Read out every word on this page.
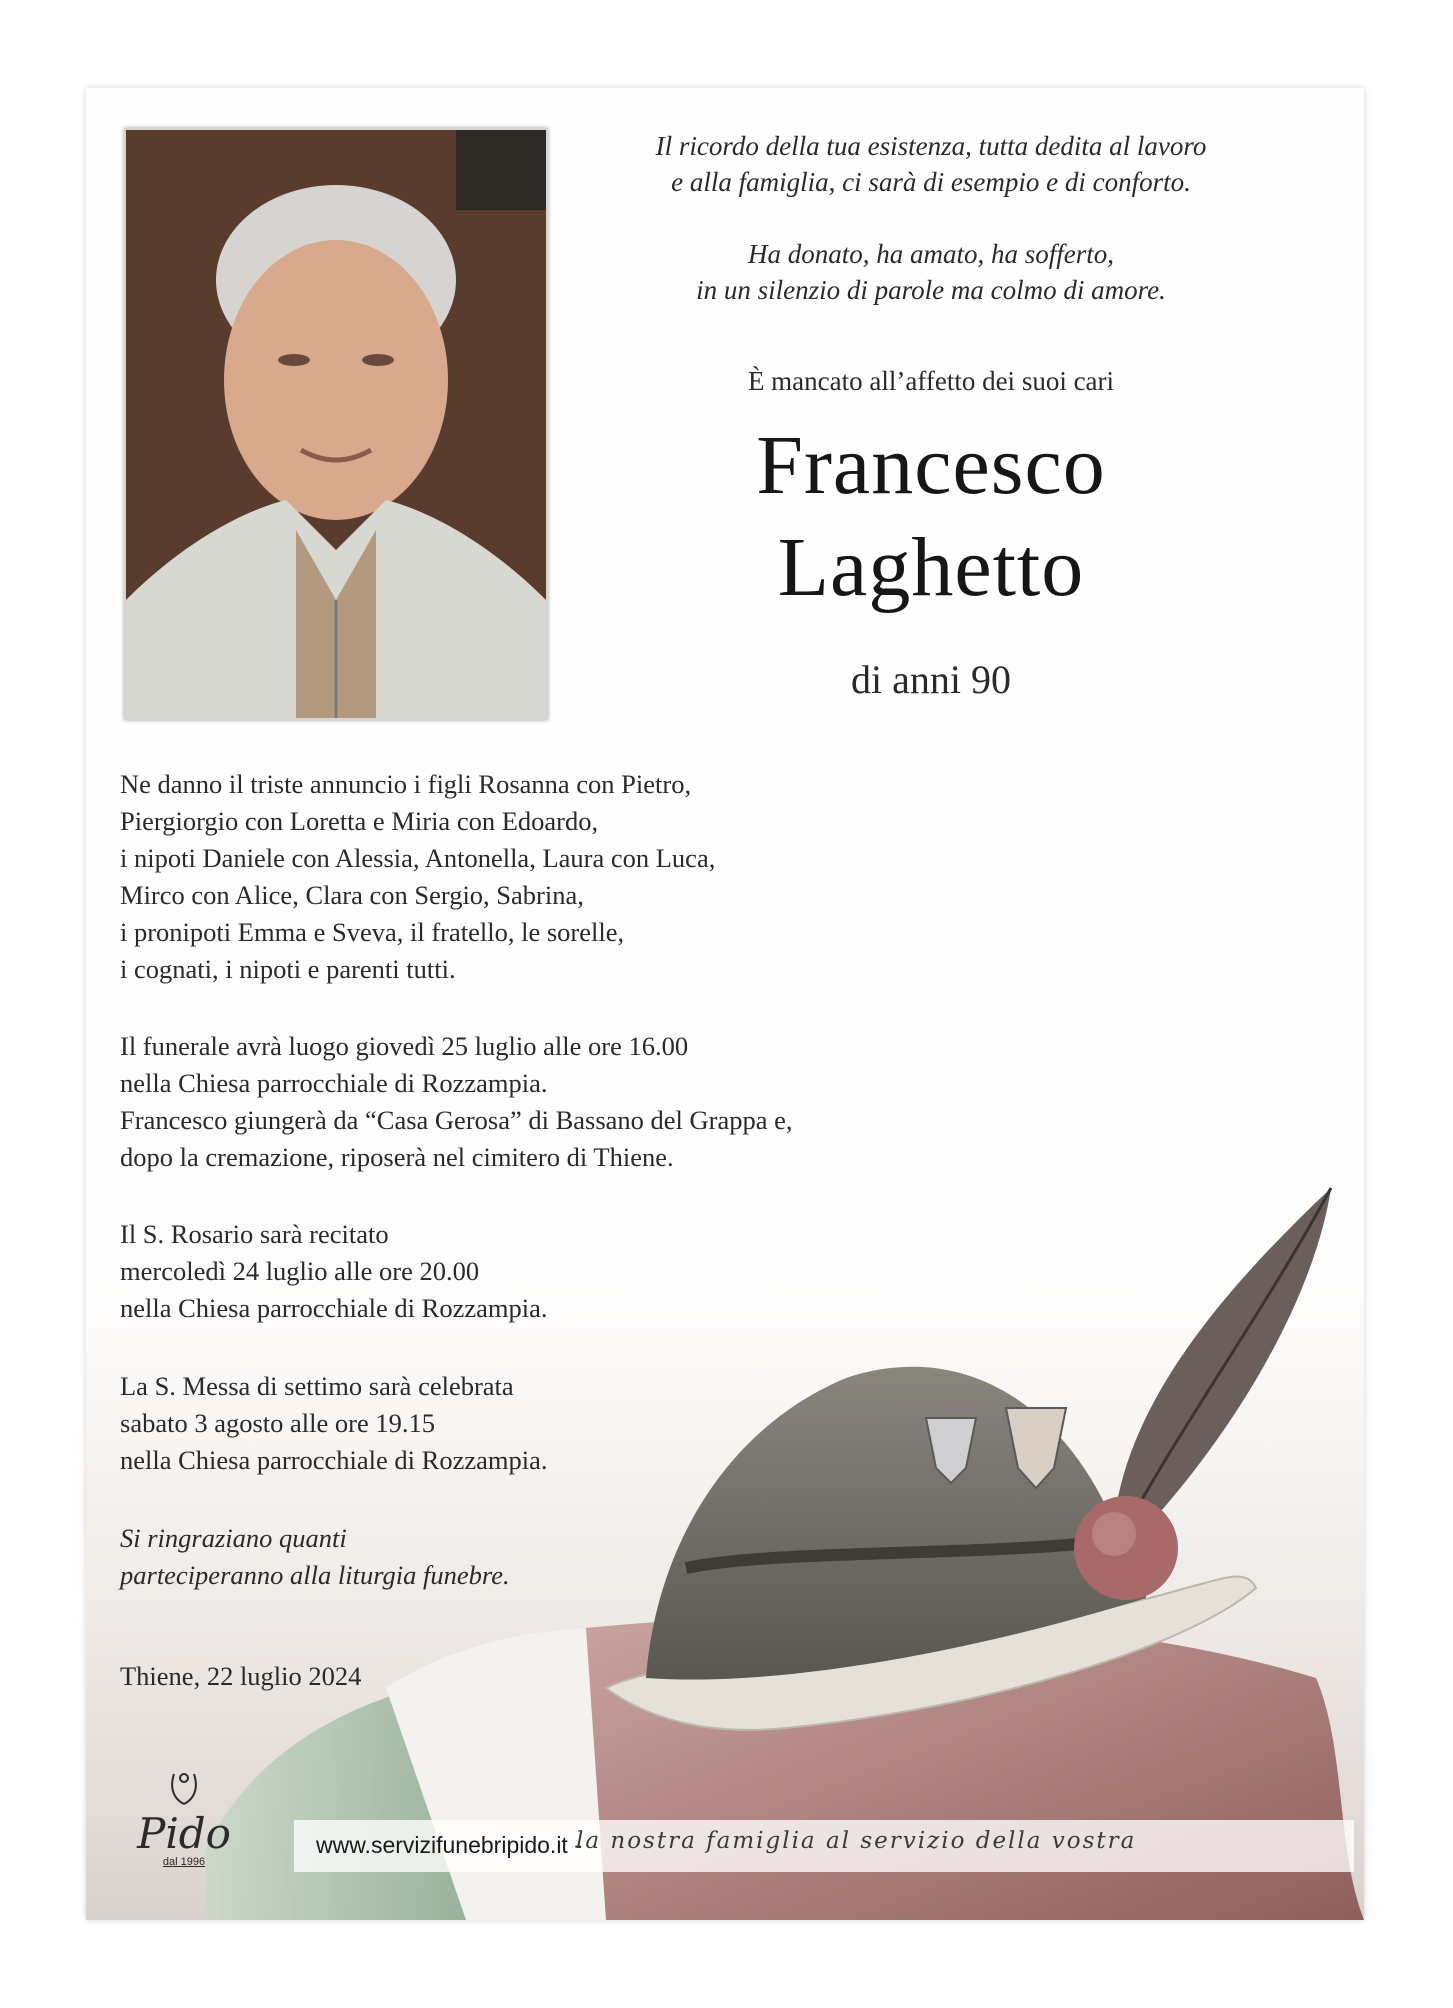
Il ricordo della tua esistenza, tutta dedita al lavoro
e alla famiglia, ci sarà di esempio e di conforto.
Ha donato, ha amato, ha sofferto,
in un silenzio di parole ma colmo di amore.
È mancato all’affetto dei suoi cari
Francesco
Laghetto
di anni 90
Ne danno il triste annuncio i figli Rosanna con Pietro,
Piergiorgio con Loretta e Miria con Edoardo,
i nipoti Daniele con Alessia, Antonella, Laura con Luca,
Mirco con Alice, Clara con Sergio, Sabrina,
i pronipoti Emma e Sveva, il fratello, le sorelle,
i cognati, i nipoti e parenti tutti.
Il funerale avrà luogo giovedì 25 luglio alle ore 16.00
nella Chiesa parrocchiale di Rozzampia.
Francesco giungerà da “Casa Gerosa” di Bassano del Grappa e,
dopo la cremazione, riposerà nel cimitero di Thiene.
Il S. Rosario sarà recitato
mercoledì 24 luglio alle ore 20.00
nella Chiesa parrocchiale di Rozzampia.
La S. Messa di settimo sarà celebrata
sabato 3 agosto alle ore 19.15
nella Chiesa parrocchiale di Rozzampia.
Si ringraziano quanti
parteciperanno alla liturgia funebre.
Thiene, 22 luglio 2024
Pido
dal 1996
www.servizifunebripido.it -
la nostra famiglia al servizio della vostra
